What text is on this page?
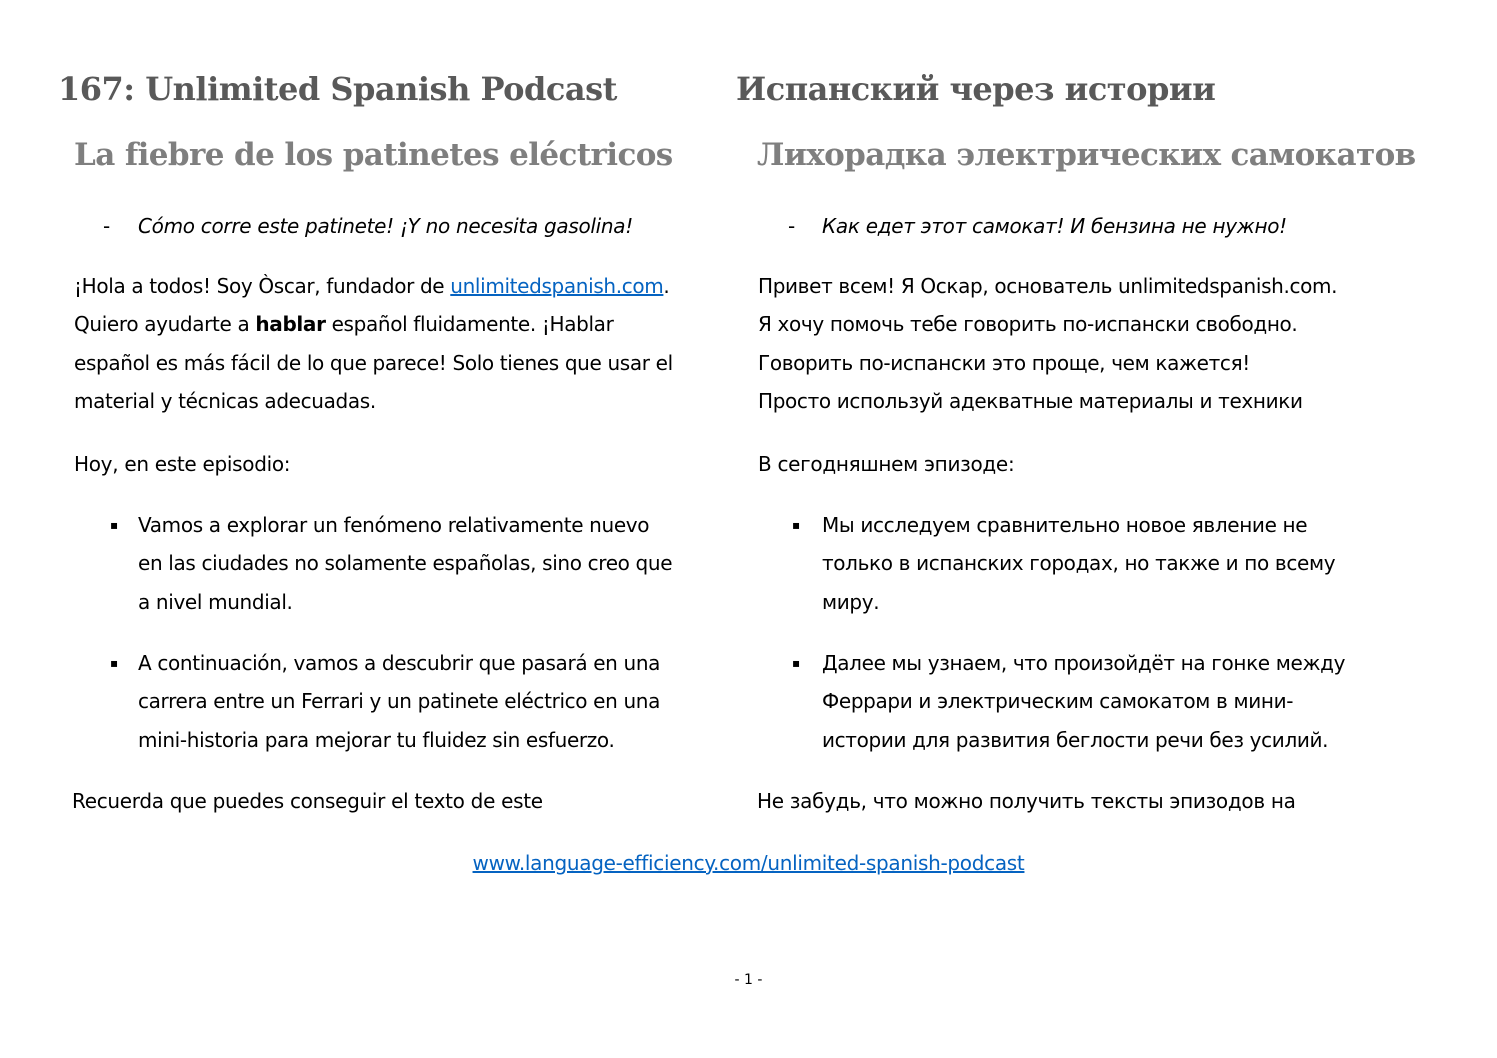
167: Unlimited Spanish Podcast
La fiebre de los patinetes eléctricos
- Cómo corre este patinete! ¡Y no necesita gasolina!
¡Hola a todos! Soy Òscar, fundador de unlimitedspanish.com.
Quiero ayudarte a hablar español fluidamente. ¡Hablar
español es más fácil de lo que parece! Solo tienes que usar el
material y técnicas adecuadas.
Hoy, en este episodio:
▪ Vamos a explorar un fenómeno relativamente nuevo
en las ciudades no solamente españolas, sino creo que
a nivel mundial.
▪ A continuación, vamos a descubrir que pasará en una
carrera entre un Ferrari y un patinete eléctrico en una
mini-historia para mejorar tu fluidez sin esfuerzo.
Recuerda que puedes conseguir el texto de este
Испанский через истории
Лихорадка электрических самокатов
- Как едет этот самокат! И бензина не нужно!
Привет всем! Я Оскар, основатель unlimitedspanish.com.
Я хочу помочь тебе говорить по-испански свободно.
Говорить по-испански это проще, чем кажется!
Просто используй адекватные материалы и техники
В сегодняшнем эпизоде:
▪ Мы исследуем сравнительно новое явление не
только в испанских городах, но также и по всему
миру.
▪ Далее мы узнаем, что произойдёт на гонке между
Феррари и электрическим самокатом в мини-
истории для развития беглости речи без усилий.
Не забудь, что можно получить тексты эпизодов на
www.language-efficiency.com/unlimited-spanish-podcast
- 1 -
